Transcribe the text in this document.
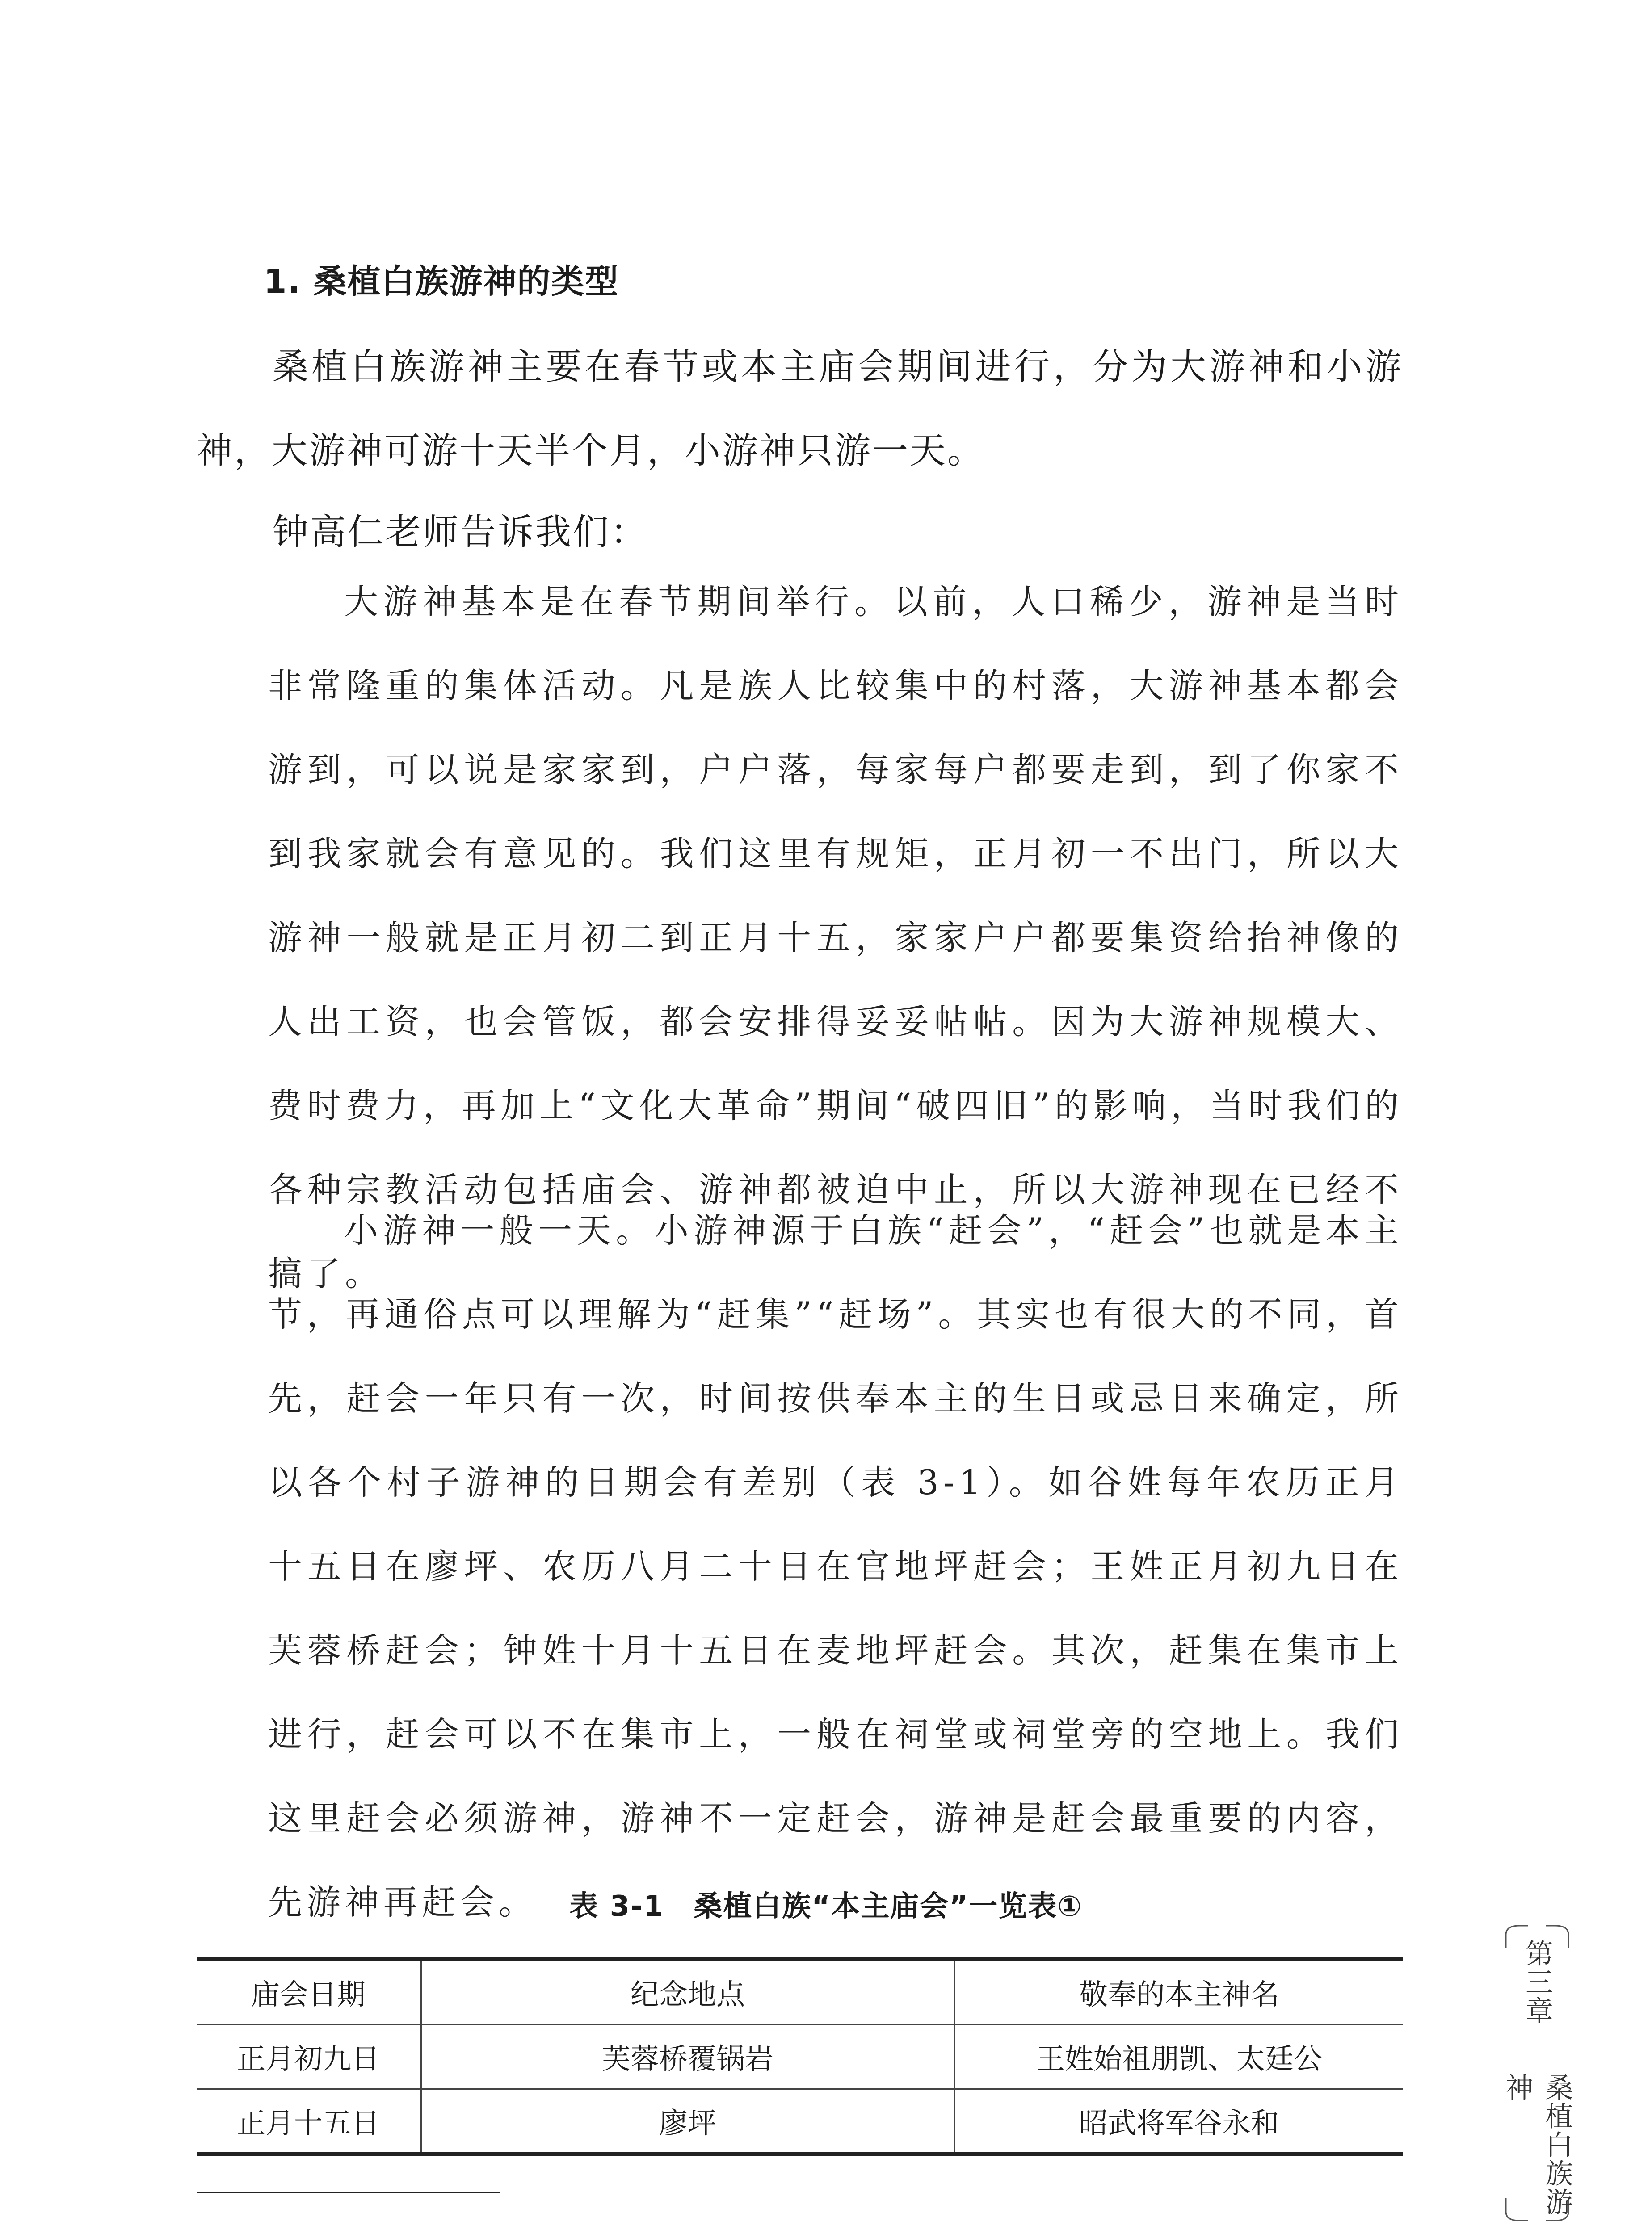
1. 桑植白族游神的类型

桑植白族游神主要在春节或本主庙会期间进行，分为大游神和小游神，大游神可游十天半个月，小游神只游一天。

钟高仁老师告诉我们：

大游神基本是在春节期间举行。以前，人口稀少，游神是当时非常隆重的集体活动。凡是族人比较集中的村落，大游神基本都会游到，可以说是家家到，户户落，每家每户都要走到，到了你家不到我家就会有意见的。我们这里有规矩，正月初一不出门，所以大游神一般就是正月初二到正月十五，家家户户都要集资给抬神像的人出工资，也会管饭，都会安排得妥妥帖帖。因为大游神规模大、费时费力，再加上“文化大革命”期间“破四旧”的影响，当时我们的各种宗教活动包括庙会、游神都被迫中止，所以大游神现在已经不搞了。

小游神一般一天。小游神源于白族“赶会”，“赶会”也就是本主节，再通俗点可以理解为“赶集”“赶场”。其实也有很大的不同，首先，赶会一年只有一次，时间按供奉本主的生日或忌日来确定，所以各个村子游神的日期会有差别（表 3-1）。如谷姓每年农历正月十五日在廖坪、农历八月二十日在官地坪赶会；王姓正月初九日在芙蓉桥赶会；钟姓十月十五日在麦地坪赶会。其次，赶集在集市上进行，赶会可以不在集市上，一般在祠堂或祠堂旁的空地上。我们这里赶会必须游神，游神不一定赶会，游神是赶会最重要的内容，先游神再赶会。	表 3-1　桑植白族“本主庙会”一览表①

庙会日期	纪念地点	敬奉的本主神名
正月初九日	芙蓉桥覆锅岩	王姓始祖朋凯、太廷公
正月十五日	廖坪	昭武将军谷永和

第三章
桑植白族游神
